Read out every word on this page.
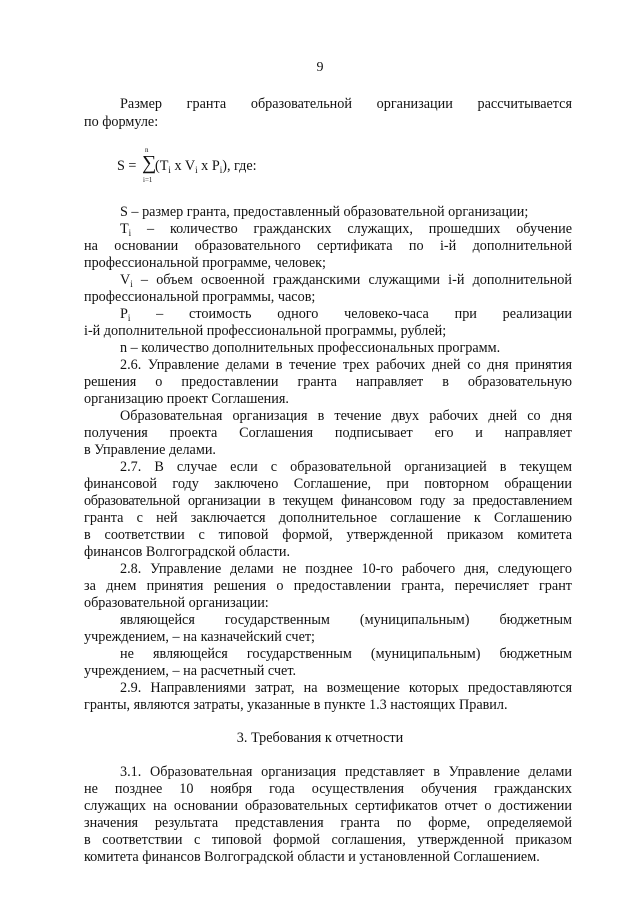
9
Размер гранта образовательной организации рассчитывается
по формуле:
S =
n
∑
i=1
($T_i$ x $V_i$ x $P_i$), где:
S – размер гранта, предоставленный образовательной организации;
$T_i$ – количество гражданских служащих, прошедших обучение
на основании образовательного сертификата по i-й дополнительной
профессиональной программе, человек;
$V_i$ – объем освоенной гражданскими служащими i-й дополнительной
профессиональной программы, часов;
$P_i$ – стоимость одного человеко-часа при реализации
i-й дополнительной профессиональной программы, рублей;
n – количество дополнительных профессиональных программ.
2.6. Управление делами в течение трех рабочих дней со дня принятия
решения о предоставлении гранта направляет в образовательную
организацию проект Соглашения.
Образовательная организация в течение двух рабочих дней со дня
получения проекта Соглашения подписывает его и направляет
в Управление делами.
2.7. В случае если с образовательной организацией в текущем
финансовой году заключено Соглашение, при повторном обращении
образовательной организации в текущем финансовом году за предоставлением
гранта с ней заключается дополнительное соглашение к Соглашению
в соответствии с типовой формой, утвержденной приказом комитета
финансов Волгоградской области.
2.8. Управление делами не позднее 10-го рабочего дня, следующего
за днем принятия решения о предоставлении гранта, перечисляет грант
образовательной организации:
являющейся государственным (муниципальным) бюджетным
учреждением, – на казначейский счет;
не являющейся государственным (муниципальным) бюджетным
учреждением, – на расчетный счет.
2.9. Направлениями затрат, на возмещение которых предоставляются
гранты, являются затраты, указанные в пункте 1.3 настоящих Правил.
3. Требования к отчетности
3.1. Образовательная организация представляет в Управление делами
не позднее 10 ноября года осуществления обучения гражданских
служащих на основании образовательных сертификатов отчет о достижении
значения результата представления гранта по форме, определяемой
в соответствии с типовой формой соглашения, утвержденной приказом
комитета финансов Волгоградской области и установленной Соглашением.
